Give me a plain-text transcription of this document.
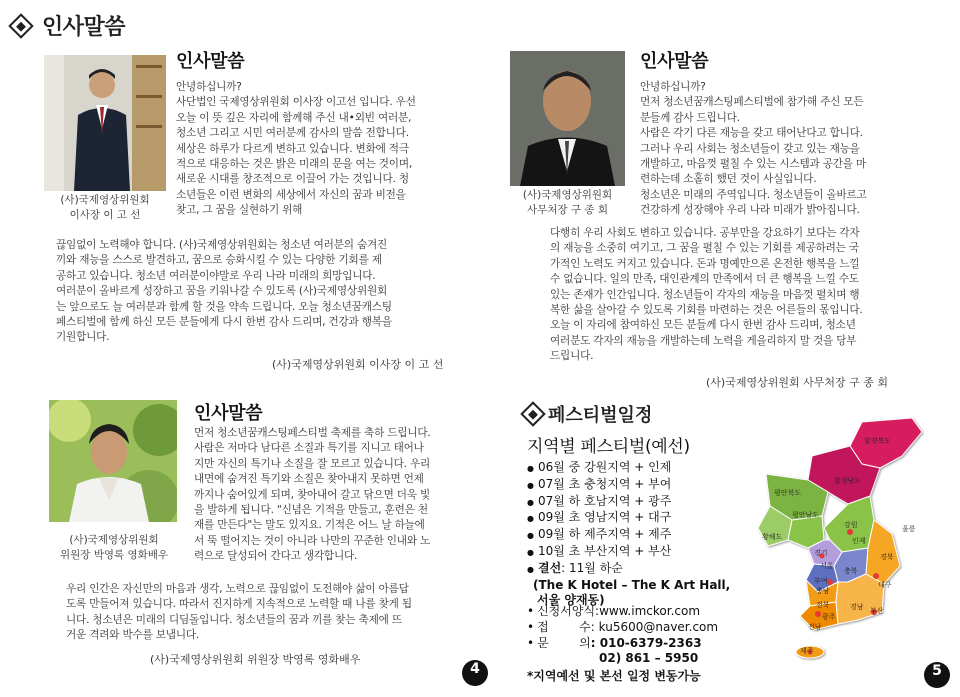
인사말씀
(사)국제영상위원회
이사장 이 고 선
인사말씀
안녕하십니까?
사단법인 국제영상위원회 이사장 이고선 입니다. 우선
오늘 이 뜻 깊은 자리에 함께해 주신 내•외빈 여러분,
청소년 그리고 시민 여러분께 감사의 말씀 전합니다.
세상은 하루가 다르게 변하고 있습니다. 변화에 적극
적으로 대응하는 것은 밝은 미래의 문을 여는 것이며,
새로운 시대를 창조적으로 이끌어 가는 것입니다. 청
소년들은 이런 변화의 세상에서 자신의 꿈과 비전을
찾고, 그 꿈을 실현하기 위해
끊임없이 노력해야 합니다. (사)국제영상위원회는 청소년 여러분의 숨겨진
끼와 재능을 스스로 발견하고, 꿈으로 승화시킬 수 있는 다양한 기회를 제
공하고 있습니다. 청소년 여러분이야말로 우리 나라 미래의 희망입니다.
여러분이 올바르게 성장하고 꿈을 키워나갈 수 있도록 (사)국제영상위원회
는 앞으로도 늘 여러분과 함께 할 것을 약속 드립니다. 오늘 청소년꿈캐스팅
페스티벌에 함께 하신 모든 분들에게 다시 한번 감사 드리며, 건강과 행복을
기원합니다.
(사)국제영상위원회 이사장 이 고 선
(사)국제영상위원회
사무처장 구 종 회
인사말씀
안녕하십니까?
먼저 청소년꿈캐스팅페스티벌에 참가해 주신 모든
분들께 감사 드립니다.
사람은 각기 다른 재능을 갖고 태어난다고 합니다.
그러나 우리 사회는 청소년들이 갖고 있는 재능을
개발하고, 마음껏 펼칠 수 있는 시스템과 공간을 마
련하는데 소홀히 했던 것이 사실입니다.
청소년은 미래의 주역입니다. 청소년들이 올바르고
건강하게 성장해야 우리 나라 미래가 밝아집니다.
다행히 우리 사회도 변하고 있습니다. 공부만을 강요하기 보다는 각자
의 재능을 소중히 여기고, 그 꿈을 펼칠 수 있는 기회를 제공하려는 국
가적인 노력도 커지고 있습니다. 돈과 명예만으론 온전한 행복을 느낄
수 없습니다. 일의 만족, 대인관계의 만족에서 더 큰 행복을 느낄 수도
있는 존재가 인간입니다. 청소년들이 각자의 재능을 마음껏 펼치며 행
복한 삶을 살아갈 수 있도록 기회를 마련하는 것은 어른들의 몫입니다.
오늘 이 자리에 참여하신 모든 분들께 다시 한번 감사 드리며, 청소년
여러분도 각자의 재능을 개발하는데 노력을 게을리하지 말 것을 당부
드립니다.
(사)국제영상위원회 사무처장 구 종 회
(사)국제영상위원회
위원장 박영록 영화배우
인사말씀
먼저 청소년꿈캐스팅페스티벌 축제를 축하 드립니다.
사람은 저마다 남다른 소질과 특기를 지니고 태어나
지만 자신의 특기나 소질을 잘 모르고 있습니다. 우리
내면에 숨겨진 특기와 소질은 찾아내지 못하면 언제
까지나 숨어있게 되며, 찾아내어 갈고 닦으면 더욱 빛
을 발하게 됩니다. "신념은 기적을 만들고, 훈련은 천
재를 만든다"는 말도 있지요. 기적은 어느 날 하늘에
서 뚝 떨어지는 것이 아니라 나만의 꾸준한 인내와 노
력으로 달성되어 간다고 생각합니다.
우리 인간은 자신만의 마음과 생각, 노력으로 끊임없이 도전해야 삶이 아름답
도록 만들어져 있습니다. 따라서 진지하게 지속적으로 노력할 때 나를 찾게 됩
니다. 청소년은 미래의 디딤돌입니다. 청소년들의 꿈과 끼를 찾는 축제에 뜨
거운 격려와 박수를 보냅니다.
(사)국제영상위원회 위원장 박영록 영화배우
4	5
페스티벌일정
지역별 페스티벌(예선)
● 06월 중 강원지역 + 인제
● 07월 초 충청지역 + 부여
● 07월 하 호남지역 + 광주
● 09월 초 영남지역 + 대구
● 09월 하 제주지역 + 제주
● 10월 초 부산지역 + 부산
● 결선 : 11월 하순
(The K Hotel – The K Art Hall,
서울 양재동)
• 신청서양식 :www.imckor.com
• 접        수 : ku5600@naver.com
• 문        의 : 010-6379-2363
02) 861 – 5950
*지역예선 및 본선 일정 변동가능
함경북도
함경남도
평안북도
평안남도
황해도
강원
경기
인제
서울
부여
충남
충북
경북
대구
전북
전남
광주
경남 부산
제주
울릉
